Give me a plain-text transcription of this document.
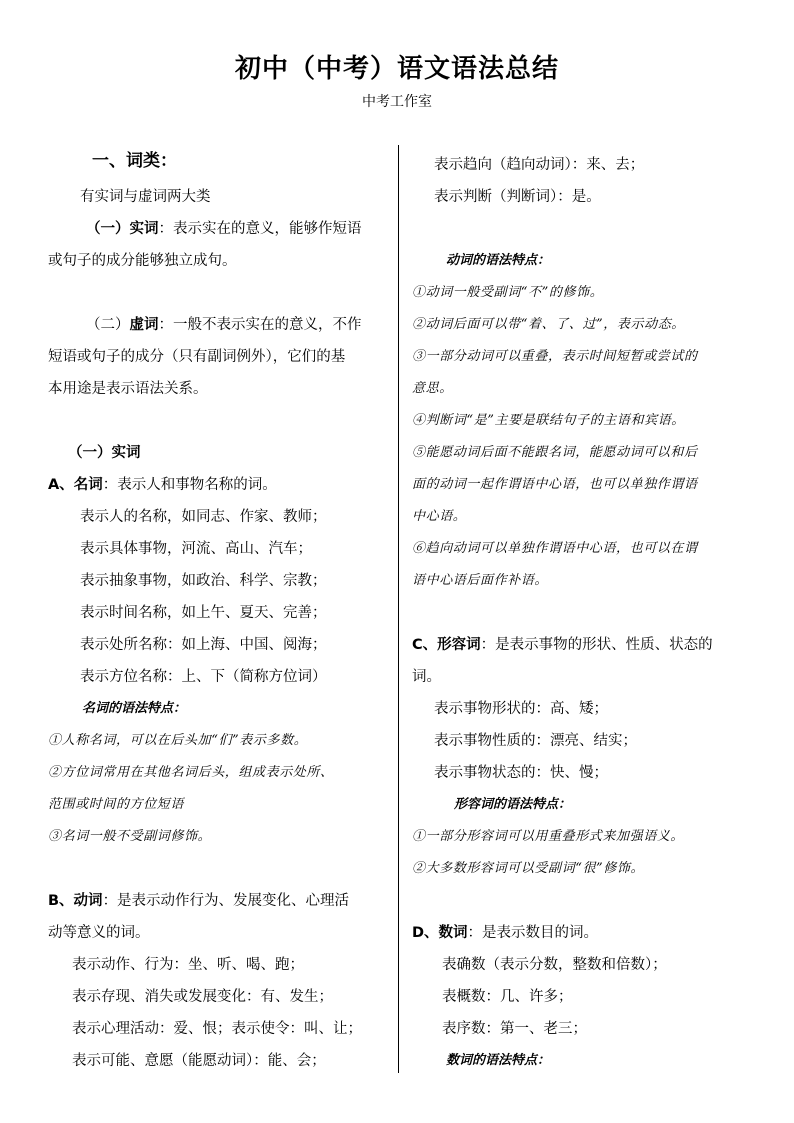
初中（中考）语文语法总结
中考工作室
一、词类：
有实词与虚词两大类
（一）实词：表示实在的意义，能够作短语
或句子的成分能够独立成句。
（二）虚词：一般不表示实在的意义，不作
短语或句子的成分（只有副词例外），它们的基
本用途是表示语法关系。
（一）实词
A、名词：表示人和事物名称的词。
表示人的名称，如同志、作家、教师；
表示具体事物，河流、高山、汽车；
表示抽象事物，如政治、科学、宗教；
表示时间名称，如上午、夏天、完善；
表示处所名称：如上海、中国、阅海；
表示方位名称：上、下（简称方位词）
名词的语法特点：
①人称名词，可以在后头加“们”表示多数。
②方位词常用在其他名词后头，组成表示处所、
范围或时间的方位短语
③名词一般不受副词修饰。
B、动词：是表示动作行为、发展变化、心理活
动等意义的词。
表示动作、行为：坐、听、喝、跑；
表示存现、消失或发展变化：有、发生；
表示心理活动：爱、恨；表示使令：叫、让；
表示可能、意愿（能愿动词）：能、会；
表示趋向（趋向动词）：来、去；
表示判断（判断词）：是。
动词的语法特点：
①动词一般受副词“不”的修饰。
②动词后面可以带“着、了、过”，表示动态。
③一部分动词可以重叠，表示时间短暂或尝试的
意思。
④判断词“是”主要是联结句子的主语和宾语。
⑤能愿动词后面不能跟名词，能愿动词可以和后
面的动词一起作谓语中心语，也可以单独作谓语
中心语。
⑥趋向动词可以单独作谓语中心语，也可以在谓
语中心语后面作补语。
C、形容词：是表示事物的形状、性质、状态的
词。
表示事物形状的：高、矮；
表示事物性质的：漂亮、结实；
表示事物状态的：快、慢；
形容词的语法特点：
①一部分形容词可以用重叠形式来加强语义。
②大多数形容词可以受副词“很”修饰。
D、数词：是表示数目的词。
表确数（表示分数，整数和倍数）；
表概数：几、许多；
表序数：第一、老三；
数词的语法特点：
